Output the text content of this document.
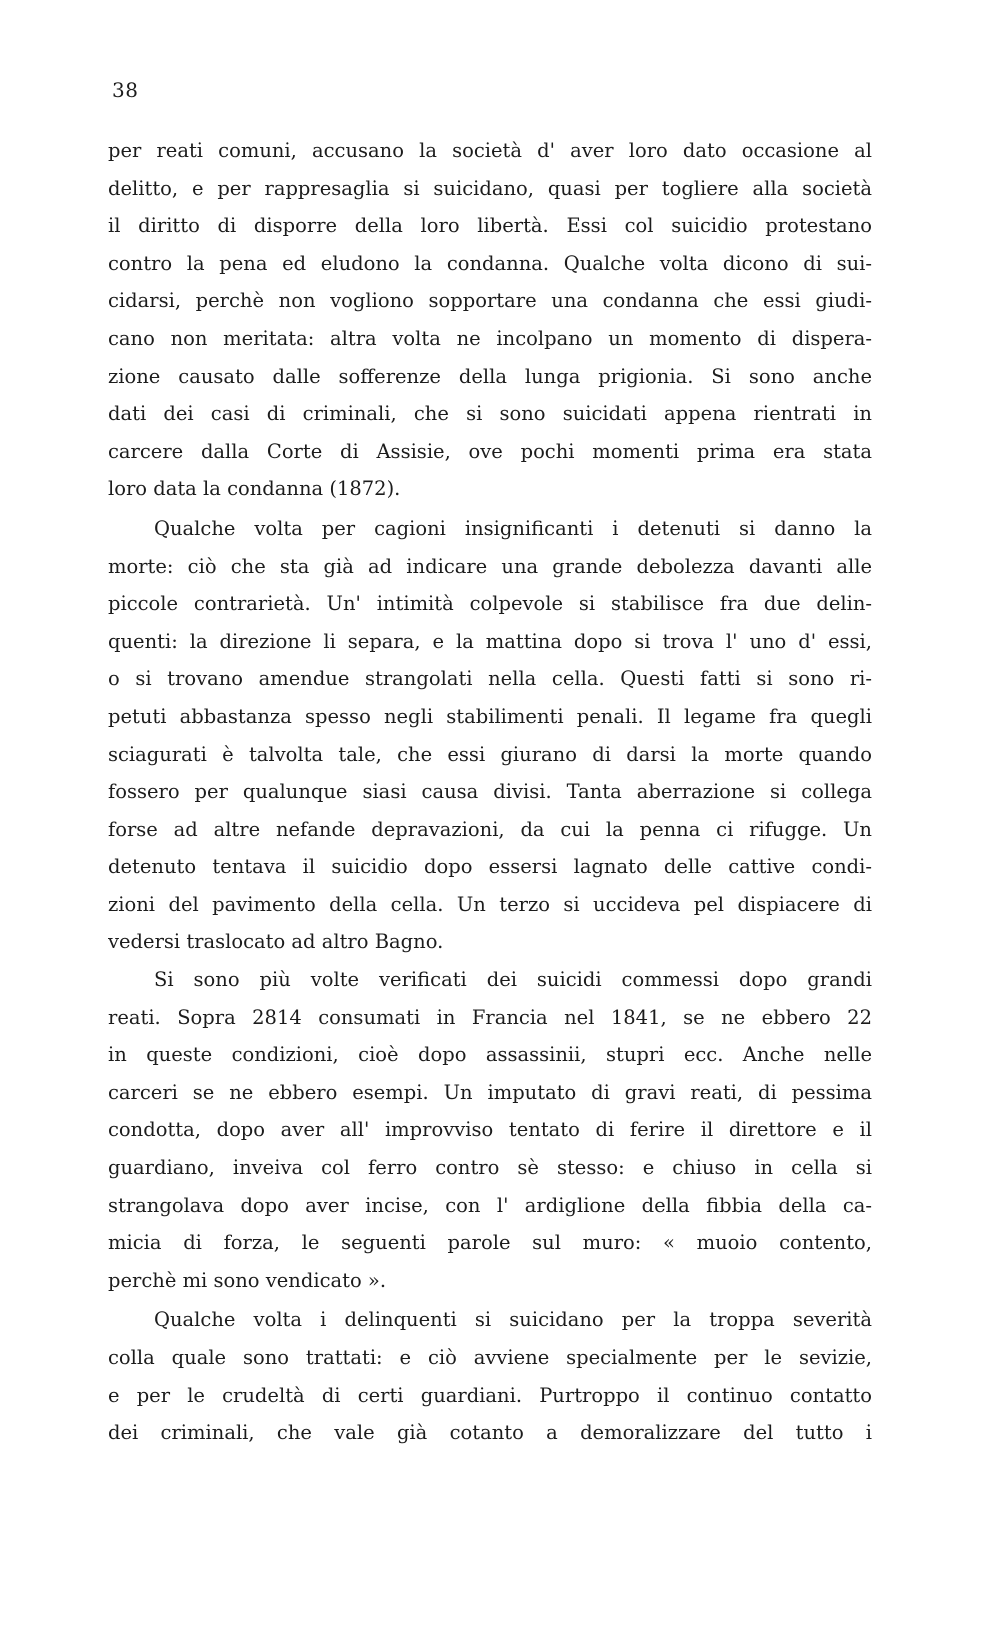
38
per reati comuni, accusano la società d' aver loro dato occasione al
delitto, e per rappresaglia si suicidano, quasi per togliere alla società
il diritto di disporre della loro libertà. Essi col suicidio protestano
contro la pena ed eludono la condanna. Qualche volta dicono di sui-
cidarsi, perchè non vogliono sopportare una condanna che essi giudi-
cano non meritata: altra volta ne incolpano un momento di dispera-
zione causato dalle sofferenze della lunga prigionia. Si sono anche
dati dei casi di criminali, che si sono suicidati appena rientrati in
carcere dalla Corte di Assisie, ove pochi momenti prima era stata
loro data la condanna (1872).
Qualche volta per cagioni insignificanti i detenuti si danno la
morte: ciò che sta già ad indicare una grande debolezza davanti alle
piccole contrarietà. Un' intimità colpevole si stabilisce fra due delin-
quenti: la direzione li separa, e la mattina dopo si trova l' uno d' essi,
o si trovano amendue strangolati nella cella. Questi fatti si sono ri-
petuti abbastanza spesso negli stabilimenti penali. Il legame fra quegli
sciagurati è talvolta tale, che essi giurano di darsi la morte quando
fossero per qualunque siasi causa divisi. Tanta aberrazione si collega
forse ad altre nefande depravazioni, da cui la penna ci rifugge. Un
detenuto tentava il suicidio dopo essersi lagnato delle cattive condi-
zioni del pavimento della cella. Un terzo si uccideva pel dispiacere di
vedersi traslocato ad altro Bagno.
Si sono più volte verificati dei suicidi commessi dopo grandi
reati. Sopra 2814 consumati in Francia nel 1841, se ne ebbero 22
in queste condizioni, cioè dopo assassinii, stupri ecc. Anche nelle
carceri se ne ebbero esempi. Un imputato di gravi reati, di pessima
condotta, dopo aver all' improvviso tentato di ferire il direttore e il
guardiano, inveiva col ferro contro sè stesso: e chiuso in cella si
strangolava dopo aver incise, con l' ardiglione della fibbia della ca-
micia di forza, le seguenti parole sul muro: « muoio contento,
perchè mi sono vendicato ».
Qualche volta i delinquenti si suicidano per la troppa severità
colla quale sono trattati: e ciò avviene specialmente per le sevizie,
e per le crudeltà di certi guardiani. Purtroppo il continuo contatto
dei criminali, che vale già cotanto a demoralizzare del tutto i
